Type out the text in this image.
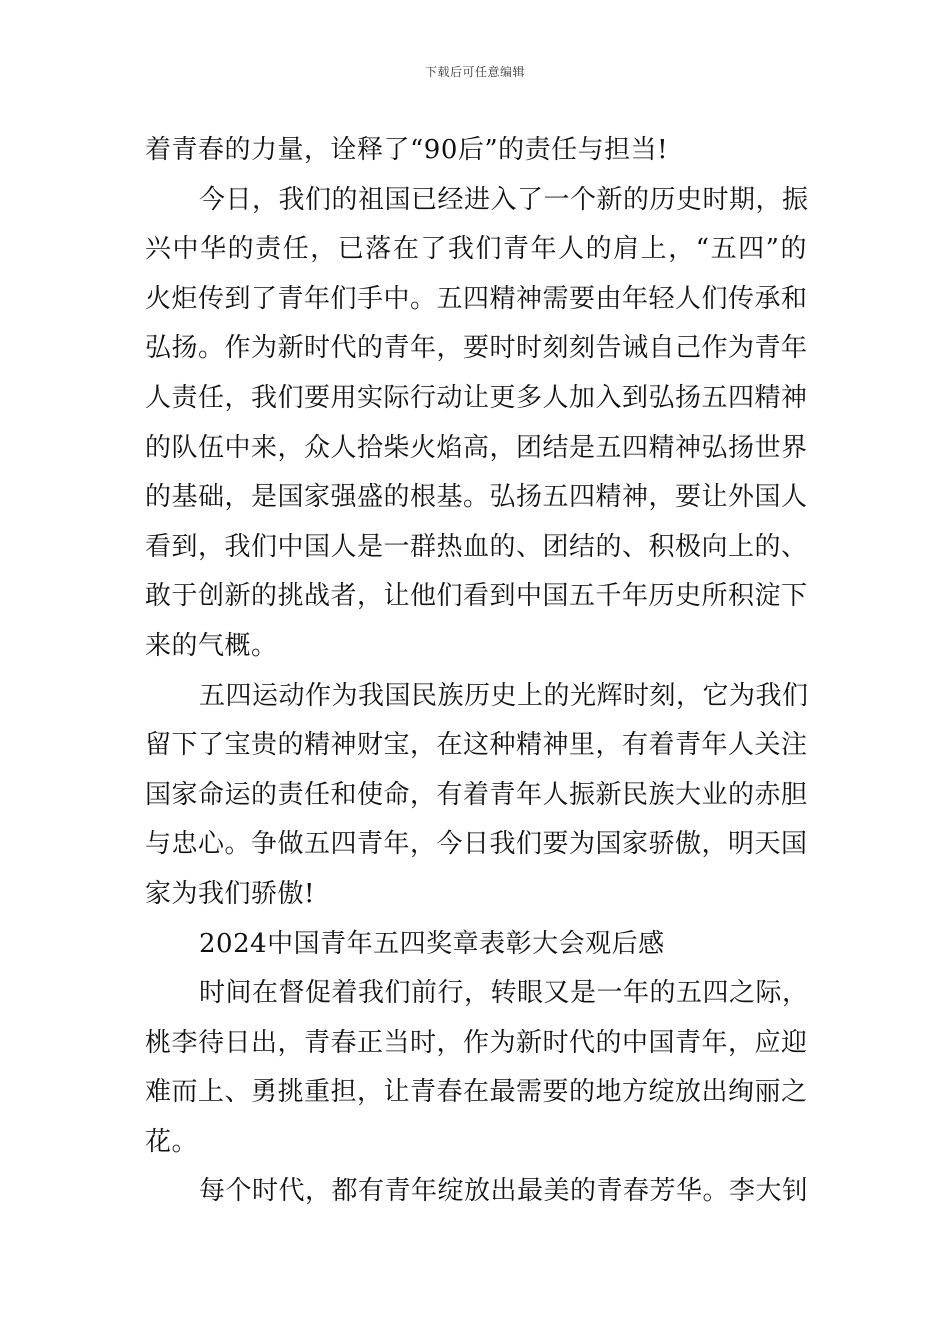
下载后可任意编辑
着青春的力量，诠释了“90后”的责任与担当!
今日，我们的祖国已经进入了一个新的历史时期，振
兴中华的责任，已落在了我们青年人的肩上，“五四”的
火炬传到了青年们手中。五四精神需要由年轻人们传承和
弘扬。作为新时代的青年，要时时刻刻告诫自己作为青年
人责任，我们要用实际行动让更多人加入到弘扬五四精神
的队伍中来，众人拾柴火焰高，团结是五四精神弘扬世界
的基础，是国家强盛的根基。弘扬五四精神，要让外国人
看到，我们中国人是一群热血的、团结的、积极向上的、
敢于创新的挑战者，让他们看到中国五千年历史所积淀下
来的气概。
五四运动作为我国民族历史上的光辉时刻，它为我们
留下了宝贵的精神财宝，在这种精神里，有着青年人关注
国家命运的责任和使命，有着青年人振新民族大业的赤胆
与忠心。争做五四青年，今日我们要为国家骄傲，明天国
家为我们骄傲!
2024中国青年五四奖章表彰大会观后感
时间在督促着我们前行，转眼又是一年的五四之际，
桃李待日出，青春正当时，作为新时代的中国青年，应迎
难而上、勇挑重担，让青春在最需要的地方绽放出绚丽之
花。
每个时代，都有青年绽放出最美的青春芳华。李大钊
